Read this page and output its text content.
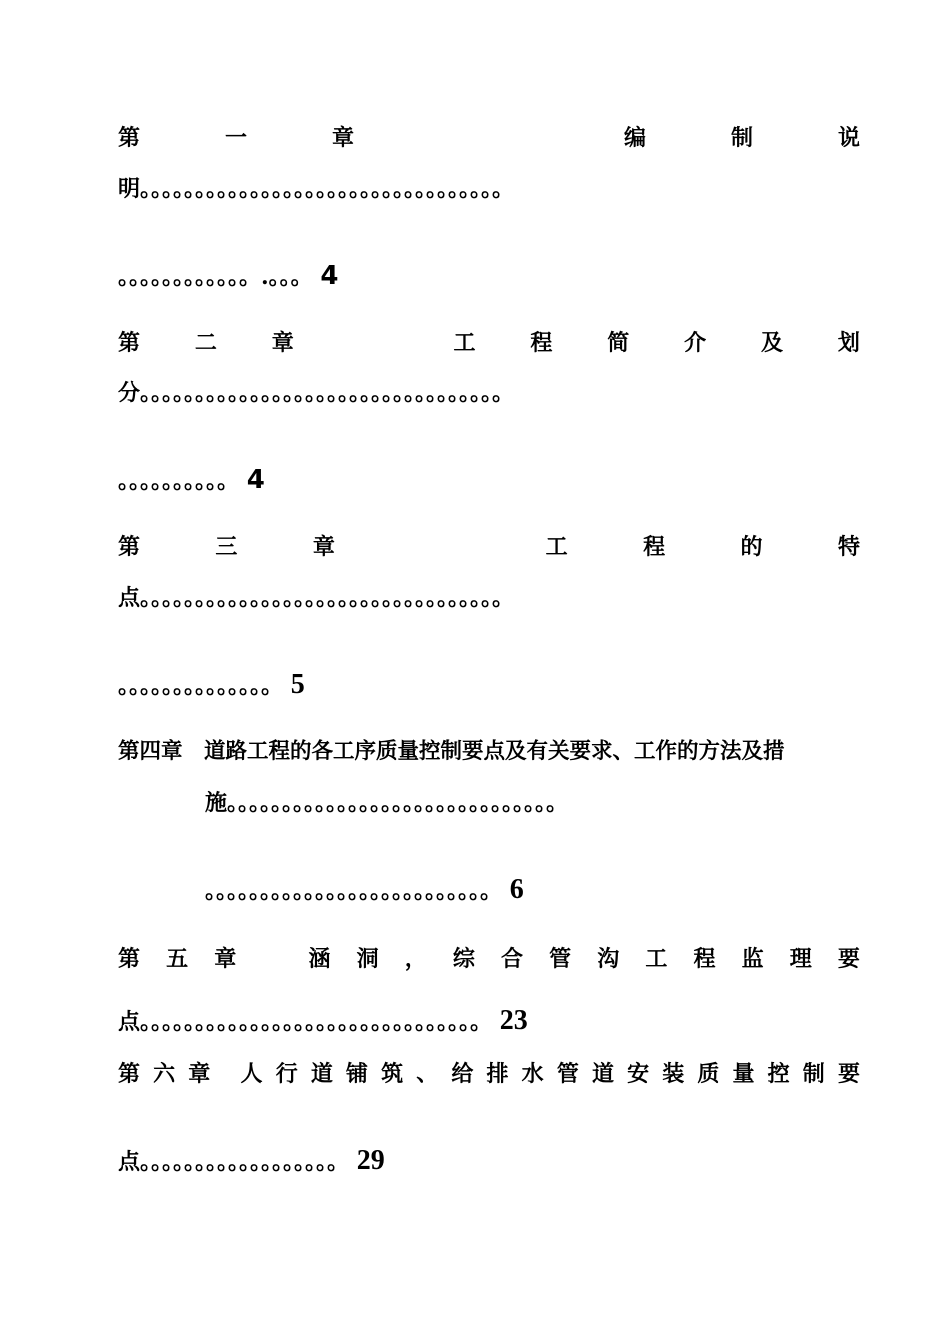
第	一	章	编	制	说
明。。。。。。。。。。。。。。。。。。。。。。。。。。。。。。。。。
。。。。。。。。。。。。.。。。 4
第 二 章	工 程 简 介 及 划
分。。。。。。。。。。。。。。。。。。。。。。。。。。。。。。。。。
。。。。。。。。。。 4
第	三	章	工	程	的	特
点。。。。。。。。。。。。。。。。。。。。。。。。。。。。。。。。。
。。。。。。。。。。。。。。 5
第四章　道路工程的各工序质量控制要点及有关要求、工作的方法及措
施。。。。。。。。。。。。。。。。。。。。。。。。。。。。。。
。。。。。。。。。。。。。。。。。。。。。。。。。。 6
第 五 章	涵 洞 ， 综 合 管 沟 工 程 监 理 要
点。。。。。。。。。。。。。。。。。。。。。。。。。。。。。。。 23
第 六 章 人 行 道 铺 筑 、 给 排 水 管 道 安 装 质 量 控 制 要
点。。。。。。。。。。。。。。。。。。 29
